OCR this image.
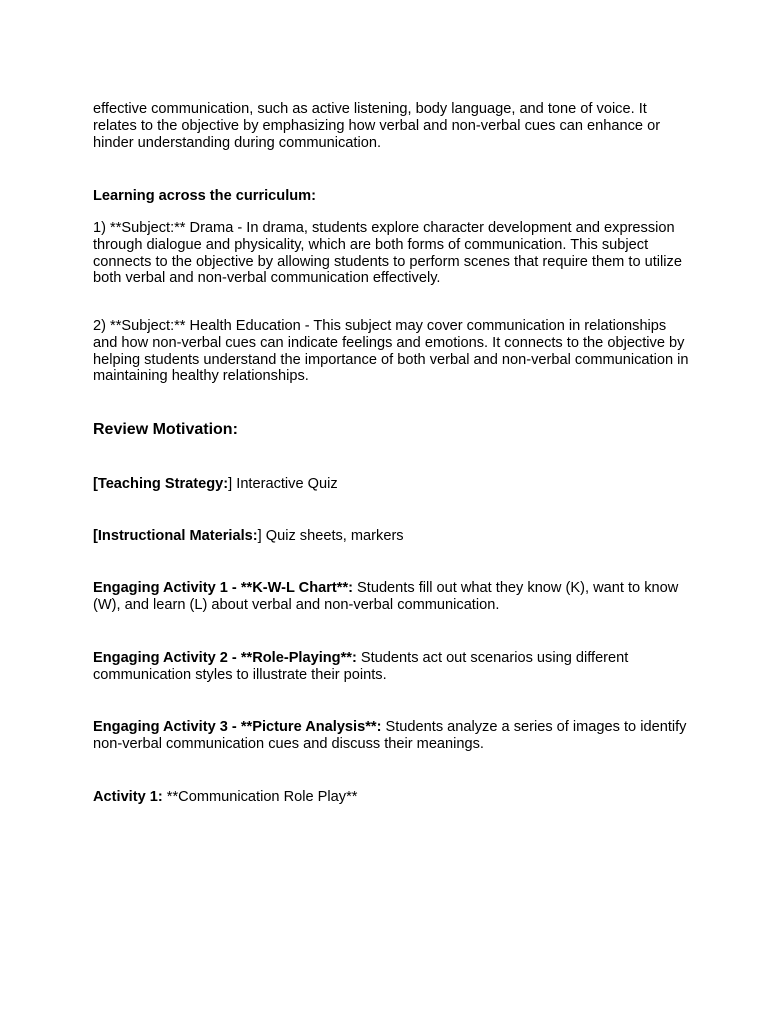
effective communication, such as active listening, body language, and tone of voice. It relates to the objective by emphasizing how verbal and non-verbal cues can enhance or hinder understanding during communication.

Learning across the curriculum:

1) **Subject:** Drama - In drama, students explore character development and expression through dialogue and physicality, which are both forms of communication. This subject connects to the objective by allowing students to perform scenes that require them to utilize both verbal and non-verbal communication effectively.

2) **Subject:** Health Education - This subject may cover communication in relationships and how non-verbal cues can indicate feelings and emotions. It connects to the objective by helping students understand the importance of both verbal and non-verbal communication in maintaining healthy relationships.

Review Motivation:

[Teaching Strategy:] Interactive Quiz

[Instructional Materials:] Quiz sheets, markers

Engaging Activity 1 - **K-W-L Chart**: Students fill out what they know (K), want to know (W), and learn (L) about verbal and non-verbal communication.

Engaging Activity 2 - **Role-Playing**: Students act out scenarios using different communication styles to illustrate their points.

Engaging Activity 3 - **Picture Analysis**: Students analyze a series of images to identify non-verbal communication cues and discuss their meanings.

Activity 1: **Communication Role Play**
